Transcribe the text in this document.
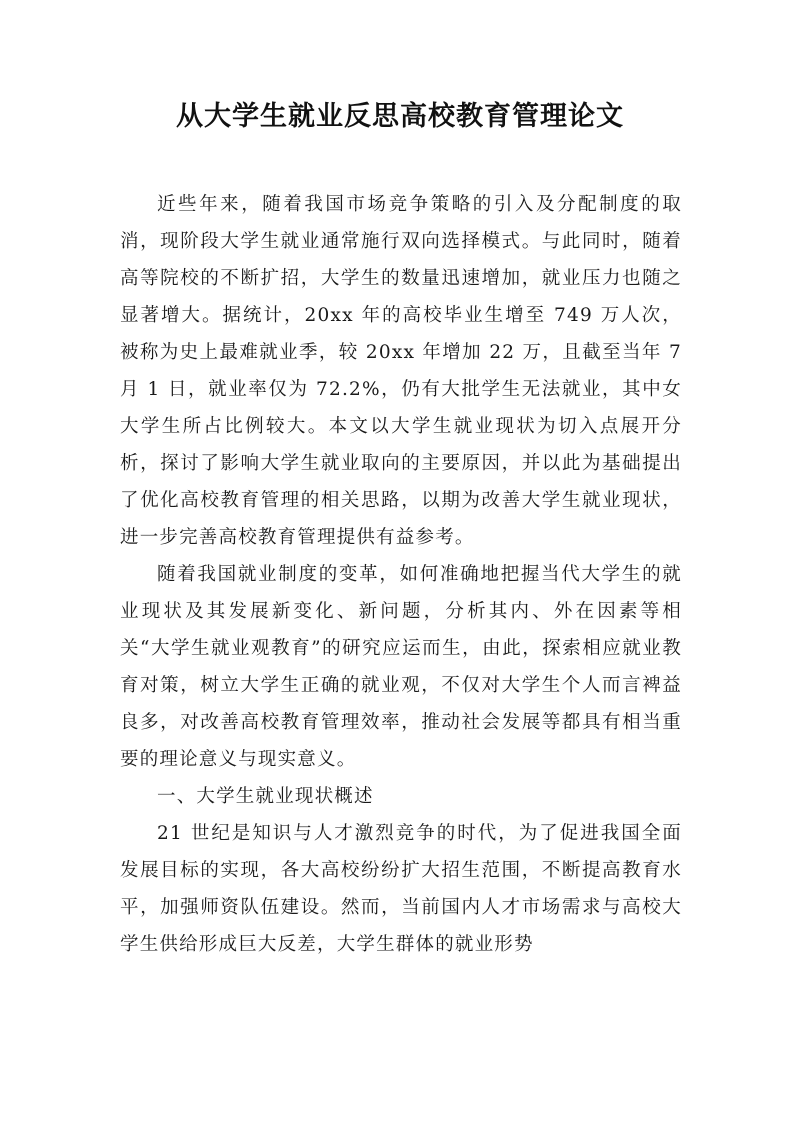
从大学生就业反思高校教育管理论文

近些年来，随着我国市场竞争策略的引入及分配制度的取消，现阶段大学生就业通常施行双向选择模式。与此同时，随着高等院校的不断扩招，大学生的数量迅速增加，就业压力也随之显著增大。据统计，20xx 年的高校毕业生增至 749 万人次，被称为史上最难就业季，较 20xx 年增加 22 万，且截至当年 7 月 1 日，就业率仅为 72.2%，仍有大批学生无法就业，其中女大学生所占比例较大。本文以大学生就业现状为切入点展开分析，探讨了影响大学生就业取向的主要原因，并以此为基础提出了优化高校教育管理的相关思路，以期为改善大学生就业现状，进一步完善高校教育管理提供有益参考。

随着我国就业制度的变革，如何准确地把握当代大学生的就业现状及其发展新变化、新问题，分析其内、外在因素等相关“大学生就业观教育”的研究应运而生，由此，探索相应就业教育对策，树立大学生正确的就业观，不仅对大学生个人而言裨益良多，对改善高校教育管理效率，推动社会发展等都具有相当重要的理论意义与现实意义。

一、大学生就业现状概述

21 世纪是知识与人才激烈竞争的时代，为了促进我国全面发展目标的实现，各大高校纷纷扩大招生范围，不断提高教育水平，加强师资队伍建设。然而，当前国内人才市场需求与高校大学生供给形成巨大反差，大学生群体的就业形势
